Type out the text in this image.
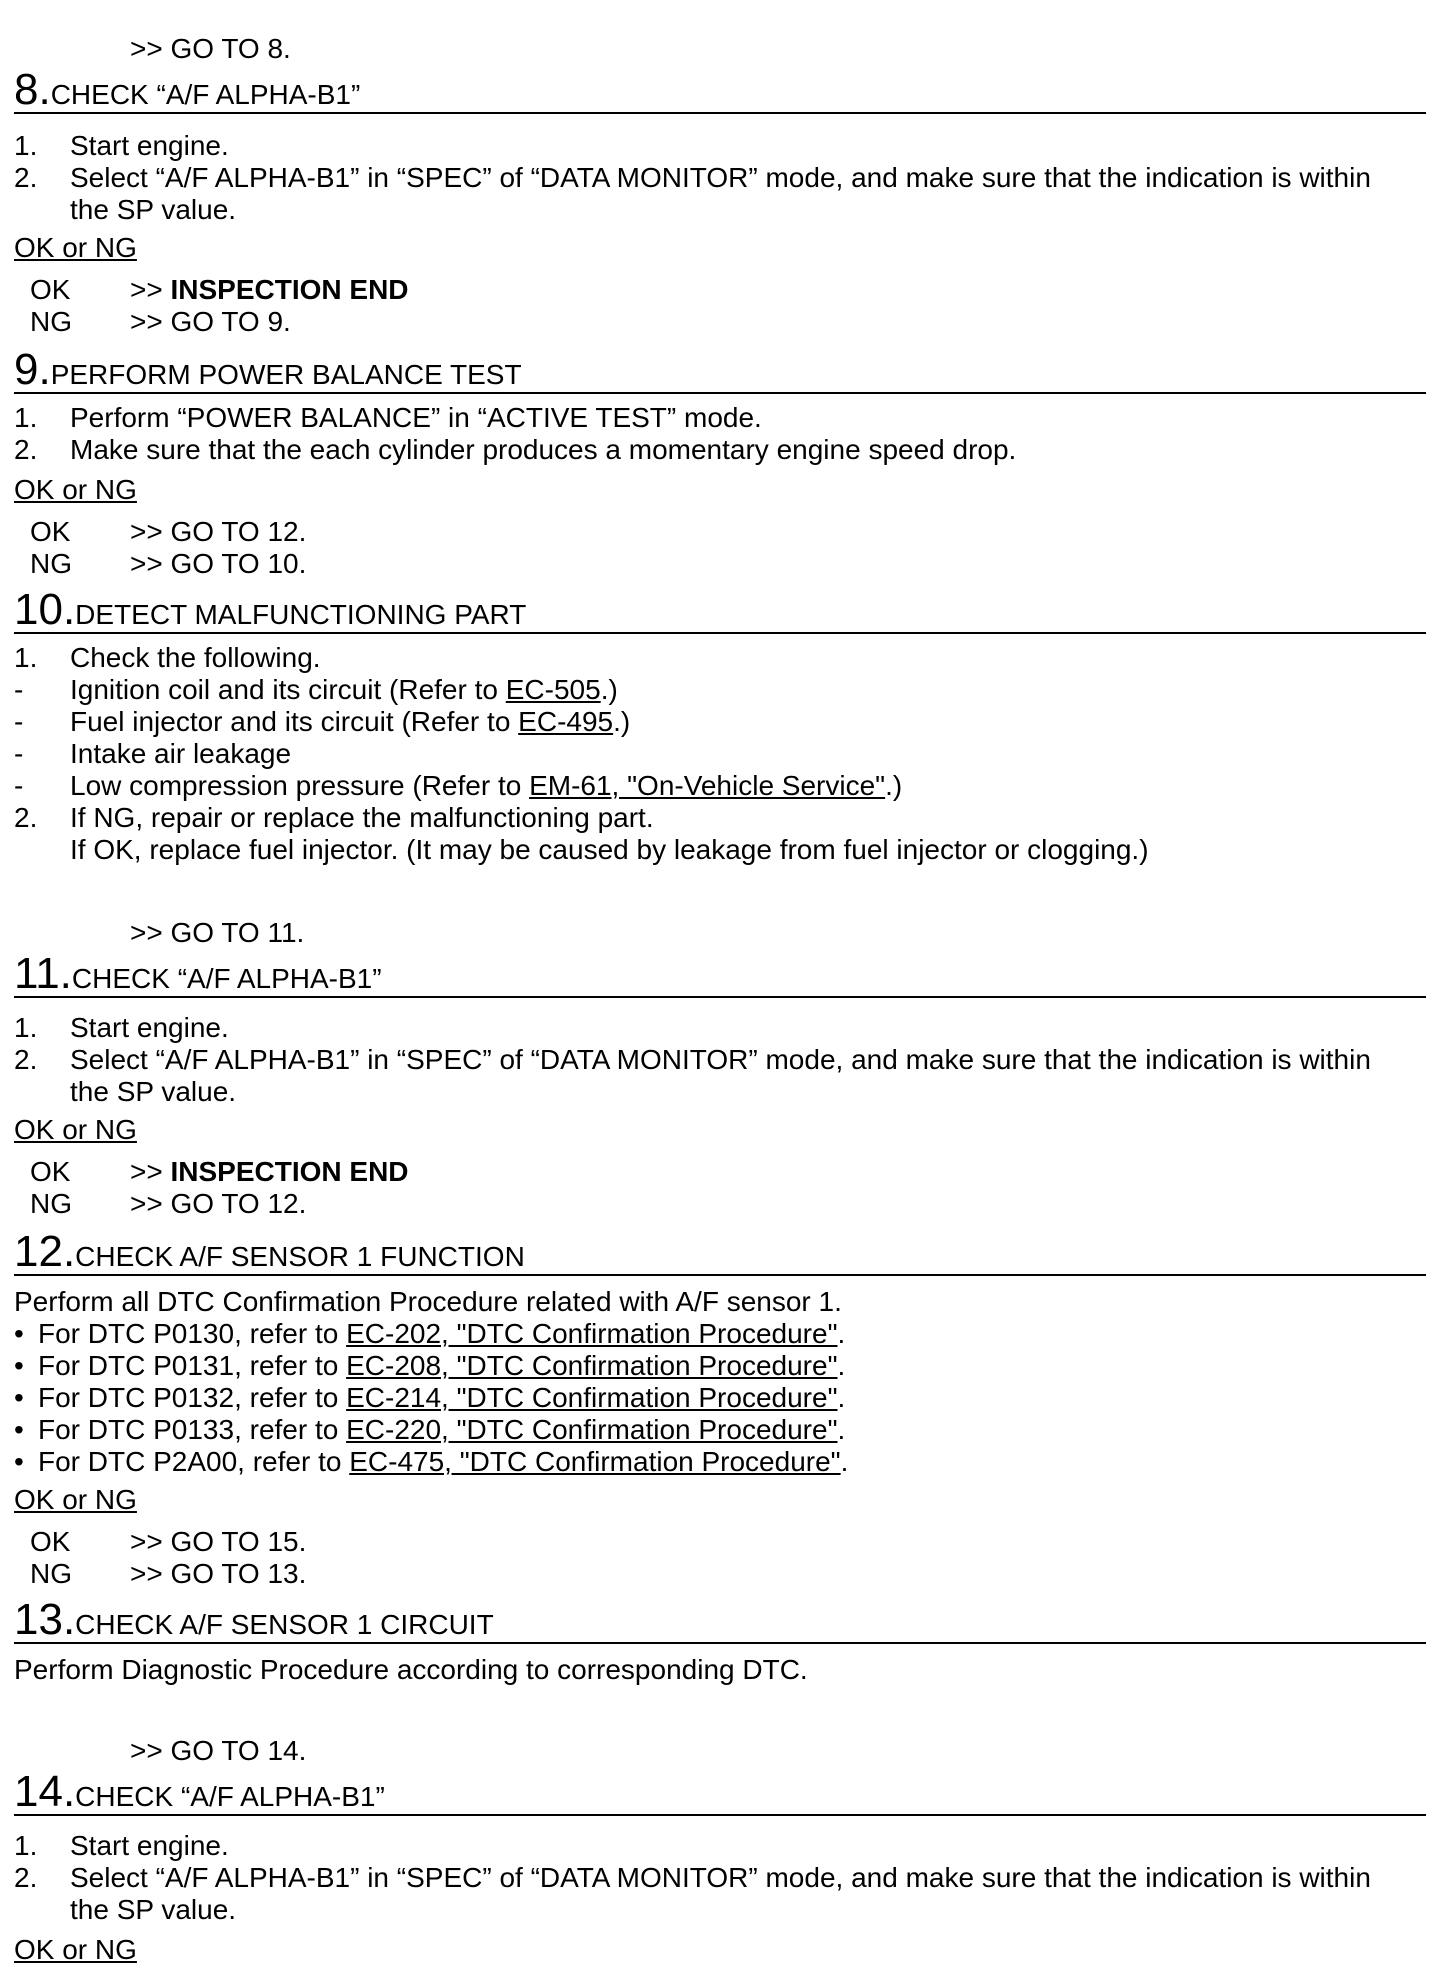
>> GO TO 8.
8.CHECK “A/F ALPHA-B1”
1. Start engine.
2. Select “A/F ALPHA-B1” in “SPEC” of “DATA MONITOR” mode, and make sure that the indication is within
the SP value.
OK or NG
OK >> INSPECTION END
NG >> GO TO 9.
9.PERFORM POWER BALANCE TEST
1. Perform “POWER BALANCE” in “ACTIVE TEST” mode.
2. Make sure that the each cylinder produces a momentary engine speed drop.
OK or NG
OK >> GO TO 12.
NG >> GO TO 10.
10.DETECT MALFUNCTIONING PART
1. Check the following.
- Ignition coil and its circuit (Refer to EC-505.)
- Fuel injector and its circuit (Refer to EC-495.)
- Intake air leakage
- Low compression pressure (Refer to EM-61, "On-Vehicle Service".)
2. If NG, repair or replace the malfunctioning part.
If OK, replace fuel injector. (It may be caused by leakage from fuel injector or clogging.)
>> GO TO 11.
11.CHECK “A/F ALPHA-B1”
1. Start engine.
2. Select “A/F ALPHA-B1” in “SPEC” of “DATA MONITOR” mode, and make sure that the indication is within
the SP value.
OK or NG
OK >> INSPECTION END
NG >> GO TO 12.
12.CHECK A/F SENSOR 1 FUNCTION
Perform all DTC Confirmation Procedure related with A/F sensor 1.
• For DTC P0130, refer to EC-202, "DTC Confirmation Procedure".
• For DTC P0131, refer to EC-208, "DTC Confirmation Procedure".
• For DTC P0132, refer to EC-214, "DTC Confirmation Procedure".
• For DTC P0133, refer to EC-220, "DTC Confirmation Procedure".
• For DTC P2A00, refer to EC-475, "DTC Confirmation Procedure".
OK or NG
OK >> GO TO 15.
NG >> GO TO 13.
13.CHECK A/F SENSOR 1 CIRCUIT
Perform Diagnostic Procedure according to corresponding DTC.
>> GO TO 14.
14.CHECK “A/F ALPHA-B1”
1. Start engine.
2. Select “A/F ALPHA-B1” in “SPEC” of “DATA MONITOR” mode, and make sure that the indication is within
the SP value.
OK or NG
